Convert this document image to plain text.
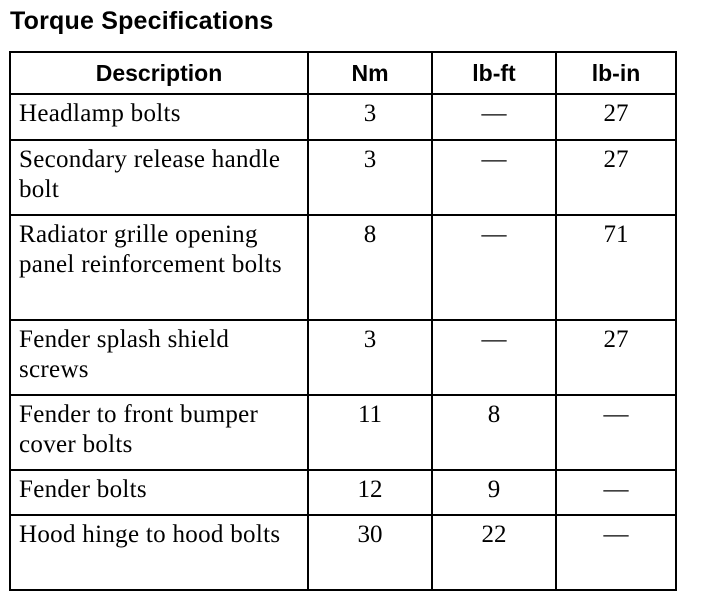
Torque Specifications
Description	Nm	lb-ft	lb-in
Headlamp bolts	3	—	27
Secondary release handle bolt	3	—	27
Radiator grille opening panel reinforcement bolts	8	—	71
Fender splash shield screws	3	—	27
Fender to front bumper cover bolts	11	8	—
Fender bolts	12	9	—
Hood hinge to hood bolts	30	22	—
